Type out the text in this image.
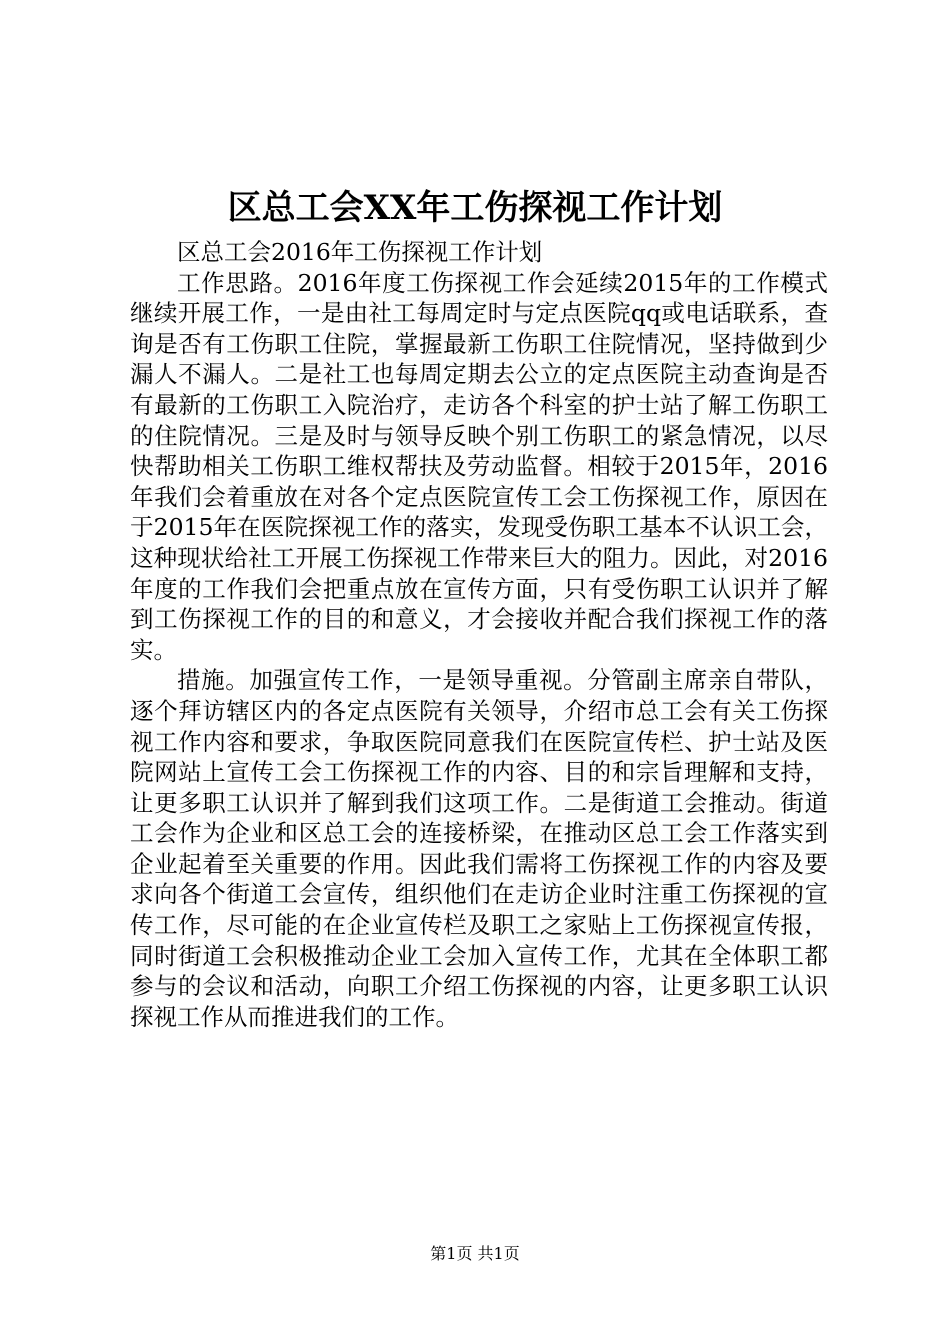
区总工会XX年工伤探视工作计划

区总工会2016年工伤探视工作计划

工作思路。2016年度工伤探视工作会延续2015年的工作模式继续开展工作，一是由社工每周定时与定点医院qq或电话联系，查询是否有工伤职工住院，掌握最新工伤职工住院情况，坚持做到少漏人不漏人。二是社工也每周定期去公立的定点医院主动查询是否有最新的工伤职工入院治疗，走访各个科室的护士站了解工伤职工的住院情况。三是及时与领导反映个别工伤职工的紧急情况，以尽快帮助相关工伤职工维权帮扶及劳动监督。相较于2015年，2016年我们会着重放在对各个定点医院宣传工会工伤探视工作，原因在于2015年在医院探视工作的落实，发现受伤职工基本不认识工会，这种现状给社工开展工伤探视工作带来巨大的阻力。因此，对2016年度的工作我们会把重点放在宣传方面，只有受伤职工认识并了解到工伤探视工作的目的和意义，才会接收并配合我们探视工作的落实。

措施。加强宣传工作，一是领导重视。分管副主席亲自带队，逐个拜访辖区内的各定点医院有关领导，介绍市总工会有关工伤探视工作内容和要求，争取医院同意我们在医院宣传栏、护士站及医院网站上宣传工会工伤探视工作的内容、目的和宗旨理解和支持，让更多职工认识并了解到我们这项工作。二是街道工会推动。街道工会作为企业和区总工会的连接桥梁，在推动区总工会工作落实到企业起着至关重要的作用。因此我们需将工伤探视工作的内容及要求向各个街道工会宣传，组织他们在走访企业时注重工伤探视的宣传工作，尽可能的在企业宣传栏及职工之家贴上工伤探视宣传报，同时街道工会积极推动企业工会加入宣传工作，尤其在全体职工都参与的会议和活动，向职工介绍工伤探视的内容，让更多职工认识探视工作从而推进我们的工作。

第1页 共1页
